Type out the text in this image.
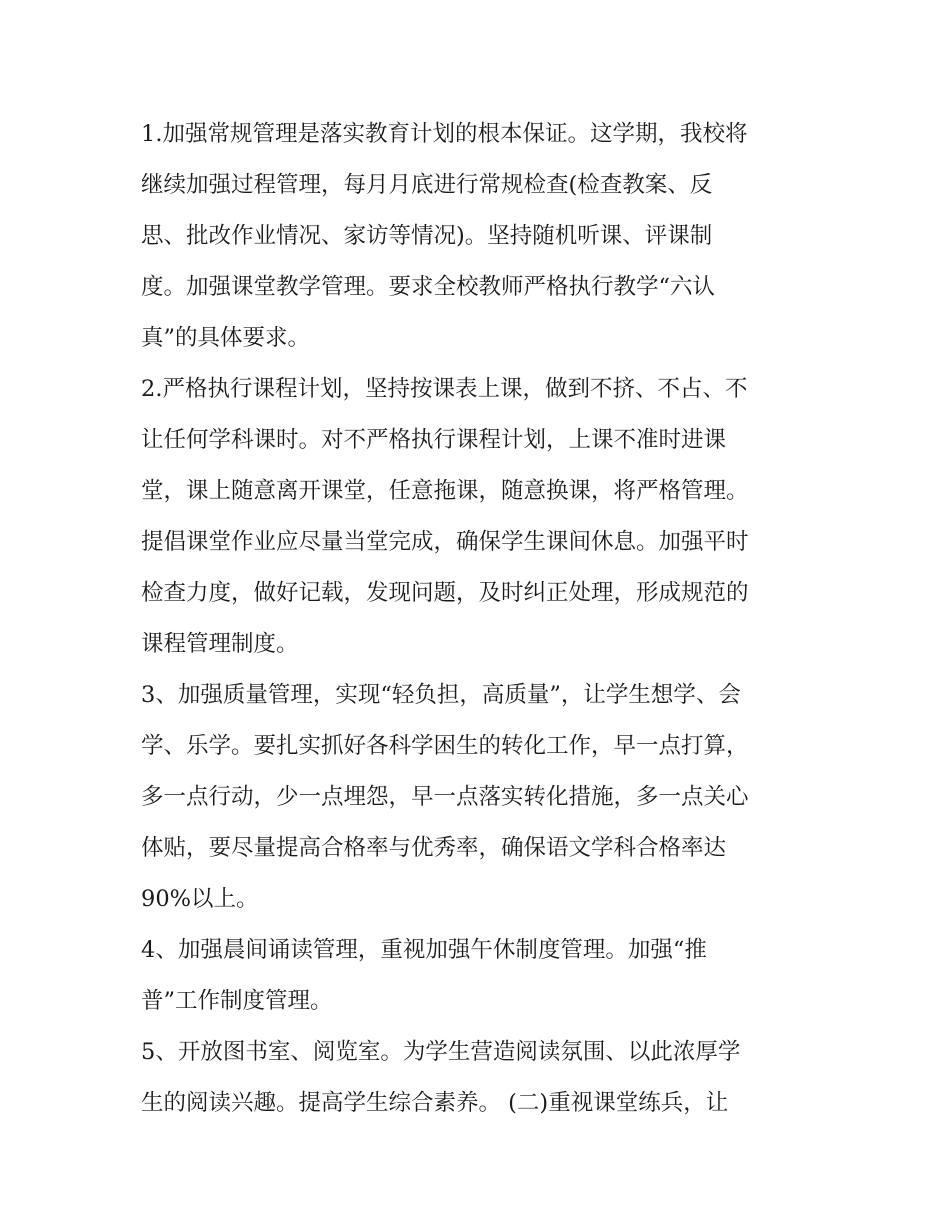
1.加强常规管理是落实教育计划的根本保证。这学期，我校将
继续加强过程管理，每月月底进行常规检查(检查教案、反
思、批改作业情况、家访等情况)。坚持随机听课、评课制
度。加强课堂教学管理。要求全校教师严格执行教学“六认
真”的具体要求。
2.严格执行课程计划，坚持按课表上课，做到不挤、不占、不
让任何学科课时。对不严格执行课程计划，上课不准时进课
堂，课上随意离开课堂，任意拖课，随意换课，将严格管理。
提倡课堂作业应尽量当堂完成，确保学生课间休息。加强平时
检查力度，做好记载，发现问题，及时纠正处理，形成规范的
课程管理制度。
3、加强质量管理，实现“轻负担，高质量”，让学生想学、会
学、乐学。要扎实抓好各科学困生的转化工作，早一点打算，
多一点行动，少一点埋怨，早一点落实转化措施，多一点关心
体贴，要尽量提高合格率与优秀率，确保语文学科合格率达
90%以上。
4、加强晨间诵读管理，重视加强午休制度管理。加强“推
普”工作制度管理。
5、开放图书室、阅览室。为学生营造阅读氛围、以此浓厚学
生的阅读兴趣。提高学生综合素养。 (二)重视课堂练兵，让
